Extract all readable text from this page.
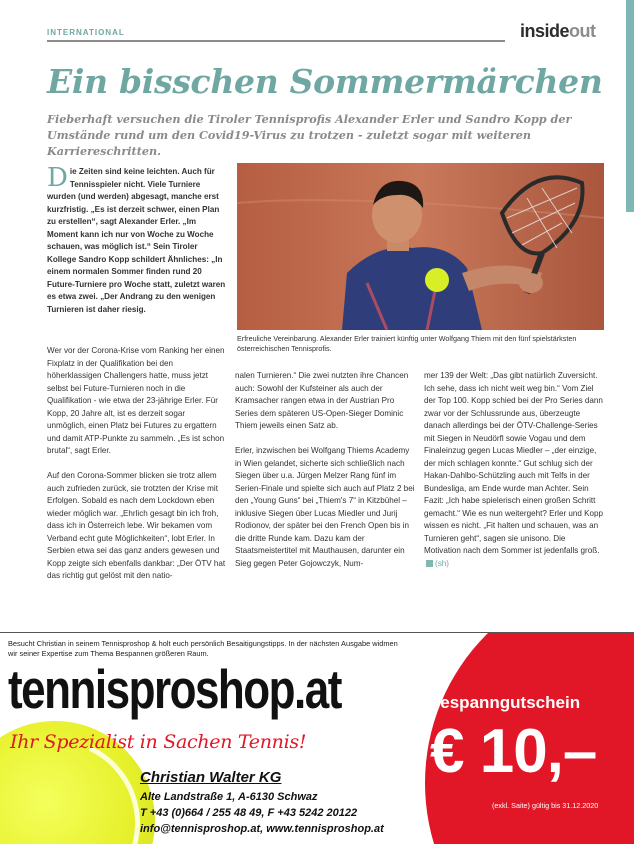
INTERNATIONAL	insideout
Ein bisschen Sommermärchen
Fieberhaft versuchen die Tiroler Tennisprofis Alexander Erler und Sandro Kopp der Umstände rund um den Covid19-Virus zu trotzen - zuletzt sogar mit weiteren Karriereschritten.
Die Zeiten sind keine leichten. Auch für Tennisspieler nicht. Viele Turniere wurden (und werden) abgesagt, manche erst kurzfristig. „Es ist derzeit schwer, einen Plan zu erstellen“, sagt Alexander Erler. „Im Moment kann ich nur von Woche zu Woche schauen, was möglich ist.“ Sein Tiroler Kollege Sandro Kopp schildert Ähnliches: „In einem normalen Sommer finden rund 20 Future-Turniere pro Woche statt, zuletzt waren es etwa zwei. „Der Andrang zu den wenigen Turnieren ist daher riesig.
Erfreuliche Vereinbarung. Alexander Erler trainiert künftig unter Wolfgang Thiem mit den fünf spielstärksten österreichischen Tennisprofis.

Wer vor der Corona-Krise vom Ranking her einen Fixplatz in der Qualifikation bei den höherklassigen Challengers hatte, muss jetzt selbst bei Future-Turnieren noch in die Qualifikation - wie etwa der 23-jährige Erler. Für Kopp, 20 Jahre alt, ist es derzeit sogar unmöglich, einen Platz bei Futures zu ergattern und damit ATP-Punkte zu sammeln. „Es ist schon brutal“, sagt Erler.

Auf den Corona-Sommer blicken sie trotz allem auch zufrieden zurück, sie trotzten der Krise mit Erfolgen. Sobald es nach dem Lockdown eben wieder möglich war. „Ehrlich gesagt bin ich froh, dass ich in Österreich lebe. Wir bekamen vom Verband echt gute Möglichkeiten“, lobt Erler. In Serbien etwa sei das ganz anders gewesen und Kopp zeigte sich ebenfalls dankbar: „Der ÖTV hat das richtig gut gelöst mit den natio-

nalen Turnieren.“ Die zwei nutzten ihre Chancen auch: Sowohl der Kufsteiner als auch der Kramsacher rangen etwa in der Austrian Pro Series dem späteren US-Open-Sieger Dominic Thiem jeweils einen Satz ab.

Erler, inzwischen bei Wolfgang Thiems Academy in Wien gelandet, sicherte sich schließlich nach Siegen über u.a. Jürgen Melzer Rang fünf im Serien-Finale und spielte sich auch auf Platz 2 bei den „Young Guns“ bei „Thiem's 7“ in Kitzbühel – inklusive Siegen über Lucas Miedler und Jurij Rodionov, der später bei den French Open bis in die dritte Runde kam. Dazu kam der Staatsmeistertitel mit Mauthausen, darunter ein Sieg gegen Peter Gojowczyk, Num-

mer 139 der Welt: „Das gibt natürlich Zuversicht. Ich sehe, dass ich nicht weit weg bin.“ Vom Ziel der Top 100. Kopp schied bei der Pro Series dann zwar vor der Schlussrunde aus, überzeugte danach allerdings bei der ÖTV-Challenge-Series mit Siegen in Neudörfl sowie Vogau und dem Finaleinzug gegen Lucas Miedler – „der einzige, der mich schlagen konnte.“ Gut schlug sich der Hakan-Dahlbo-Schützling auch mit Telfs in der Bundesliga, am Ende wurde man Achter. Sein Fazit: „Ich habe spielerisch einen großen Schritt gemacht.“ Wie es nun weitergeht? Erler und Kopp wissen es nicht. „Fit halten und schauen, was an Turnieren geht“, sagen sie unisono. Die Motivation nach dem Sommer ist jedenfalls groß. (sh)

Besucht Christian in seinem Tennisproshop & holt euch persönlich Besaitigungstipps. In der nächsten Ausgabe widmen wir seiner Expertise zum Thema Bespannen größeren Raum.
tennisproshop.at
Ihr Spezialist in Sachen Tennis!
Christian Walter KG
Alte Landstraße 1, A-6130 Schwaz
T +43 (0)664 / 255 48 49, F +43 5242 20122
info@tennisproshop.at, www.tennisproshop.at
Bespanngutschein
€ 10,–
(exkl. Saite) gültig bis 31.12.2020
